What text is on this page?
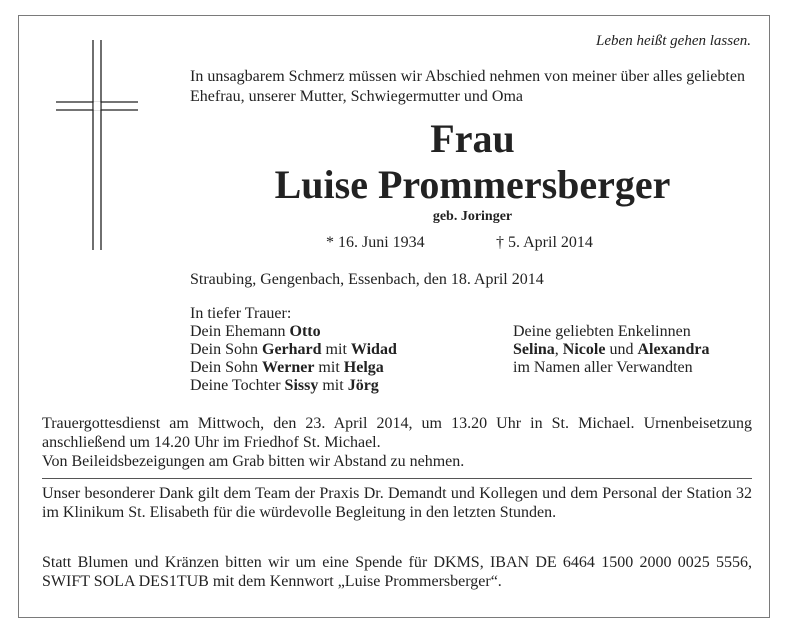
Leben heißt gehen lassen.
In unsagbarem Schmerz müssen wir Abschied nehmen von meiner über alles geliebten Ehefrau, unserer Mutter, Schwiegermutter und Oma
Frau
Luise Prommersberger
geb. Joringer
* 16. Juni 1934	† 5. April 2014
Straubing, Gengenbach, Essenbach, den 18. April 2014
In tiefer Trauer:
Dein Ehemann Otto
Dein Sohn Gerhard mit Widad
Dein Sohn Werner mit Helga
Deine Tochter Sissy mit Jörg
Deine geliebten Enkelinnen
Selina, Nicole und Alexandra
im Namen aller Verwandten

Trauergottesdienst am Mittwoch, den 23. April 2014, um 13.20 Uhr in St. Michael. Urnenbeisetzung anschließend um 14.20 Uhr im Friedhof St. Michael.

Von Beileidsbezeigungen am Grab bitten wir Abstand zu nehmen.

Unser besonderer Dank gilt dem Team der Praxis Dr. Demandt und Kollegen und dem Personal der Station 32 im Klinikum St. Elisabeth für die würdevolle Begleitung in den letzten Stunden.
Statt Blumen und Kränzen bitten wir um eine Spende für DKMS, IBAN DE 6464 1500 2000 0025 5556, SWIFT SOLA DES1TUB mit dem Kennwort „Luise Prommersberger“.
